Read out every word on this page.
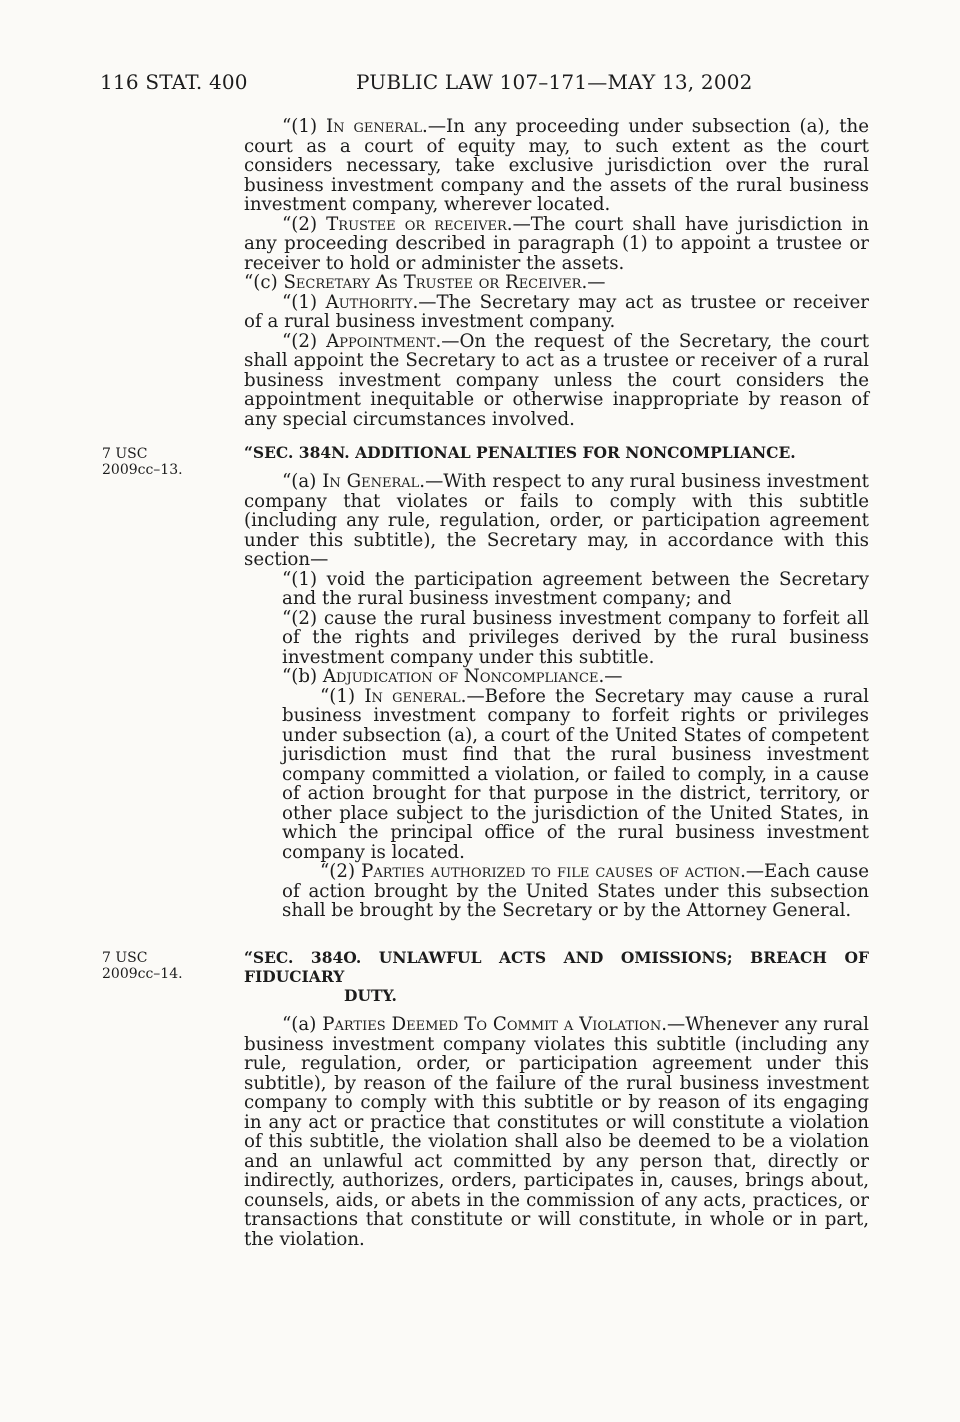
116 STAT. 400	PUBLIC LAW 107–171—MAY 13, 2002
7 USC
2009cc–13.
7 USC
2009cc–14.

“(1) In general.—In any proceeding under subsection (a), the court as a court of equity may, to such extent as the court considers necessary, take exclusive jurisdiction over the rural business investment company and the assets of the rural business investment company, wherever located.

“(2) Trustee or receiver.—The court shall have jurisdiction in any proceeding described in paragraph (1) to appoint a trustee or receiver to hold or administer the assets.

“(c) Secretary As Trustee or Receiver.—

“(1) Authority.—The Secretary may act as trustee or receiver of a rural business investment company.

“(2) Appointment.—On the request of the Secretary, the court shall appoint the Secretary to act as a trustee or receiver of a rural business investment company unless the court considers the appointment inequitable or otherwise inappropriate by reason of any special circumstances involved.

“SEC. 384N. ADDITIONAL PENALTIES FOR NONCOMPLIANCE.

“(a) In General.—With respect to any rural business investment company that violates or fails to comply with this subtitle (including any rule, regulation, order, or participation agreement under this subtitle), the Secretary may, in accordance with this section—

“(1) void the participation agreement between the Secretary and the rural business investment company; and

“(2) cause the rural business investment company to forfeit all of the rights and privileges derived by the rural business investment company under this subtitle.

“(b) Adjudication of Noncompliance.—

“(1) In general.—Before the Secretary may cause a rural business investment company to forfeit rights or privileges under subsection (a), a court of the United States of competent jurisdiction must find that the rural business investment company committed a violation, or failed to comply, in a cause of action brought for that purpose in the district, territory, or other place subject to the jurisdiction of the United States, in which the principal office of the rural business investment company is located.

“(2) Parties authorized to file causes of action.—Each cause of action brought by the United States under this subsection shall be brought by the Secretary or by the Attorney General.

“SEC. 384O. UNLAWFUL ACTS AND OMISSIONS; BREACH OF FIDUCIARY

DUTY.

“(a) Parties Deemed To Commit a Violation.—Whenever any rural business investment company violates this subtitle (including any rule, regulation, order, or participation agreement under this subtitle), by reason of the failure of the rural business investment company to comply with this subtitle or by reason of its engaging in any act or practice that constitutes or will constitute a violation of this subtitle, the violation shall also be deemed to be a violation and an unlawful act committed by any person that, directly or indirectly, authorizes, orders, participates in, causes, brings about, counsels, aids, or abets in the commission of any acts, practices, or transactions that constitute or will constitute, in whole or in part, the violation.
